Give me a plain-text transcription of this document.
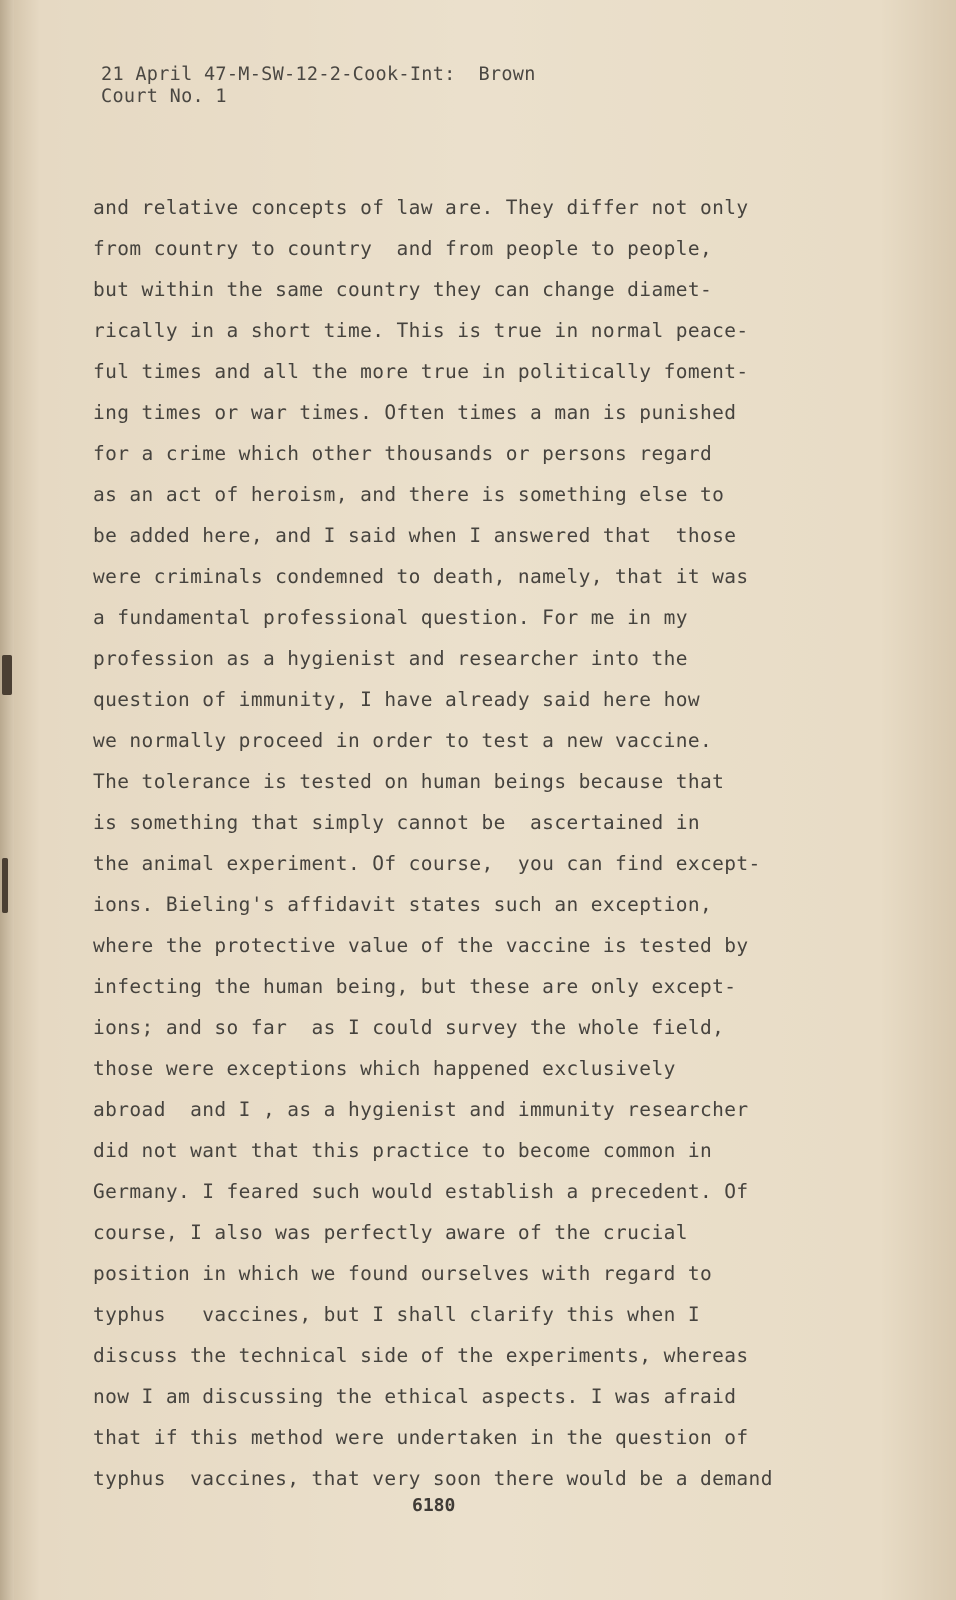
21 April 47-M-SW-12-2-Cook-Int:  Brown
Court No. 1
and relative concepts of law are. They differ not only
from country to country  and from people to people,
but within the same country they can change diamet-
rically in a short time. This is true in normal peace-
ful times and all the more true in politically foment-
ing times or war times. Often times a man is punished
for a crime which other thousands or persons regard
as an act of heroism, and there is something else to
be added here, and I said when I answered that  those
were criminals condemned to death, namely, that it was
a fundamental professional question. For me in my
profession as a hygienist and researcher into the
question of immunity, I have already said here how
we normally proceed in order to test a new vaccine.
The tolerance is tested on human beings because that
is something that simply cannot be  ascertained in
the animal experiment. Of course,  you can find except-
ions. Bieling's affidavit states such an exception,
where the protective value of the vaccine is tested by
infecting the human being, but these are only except-
ions; and so far  as I could survey the whole field,
those were exceptions which happened exclusively
abroad  and I , as a hygienist and immunity researcher
did not want that this practice to become common in
Germany. I feared such would establish a precedent. Of
course, I also was perfectly aware of the crucial
position in which we found ourselves with regard to
typhus   vaccines, but I shall clarify this when I
discuss the technical side of the experiments, whereas
now I am discussing the ethical aspects. I was afraid
that if this method were undertaken in the question of
typhus  vaccines, that very soon there would be a demand
6180
